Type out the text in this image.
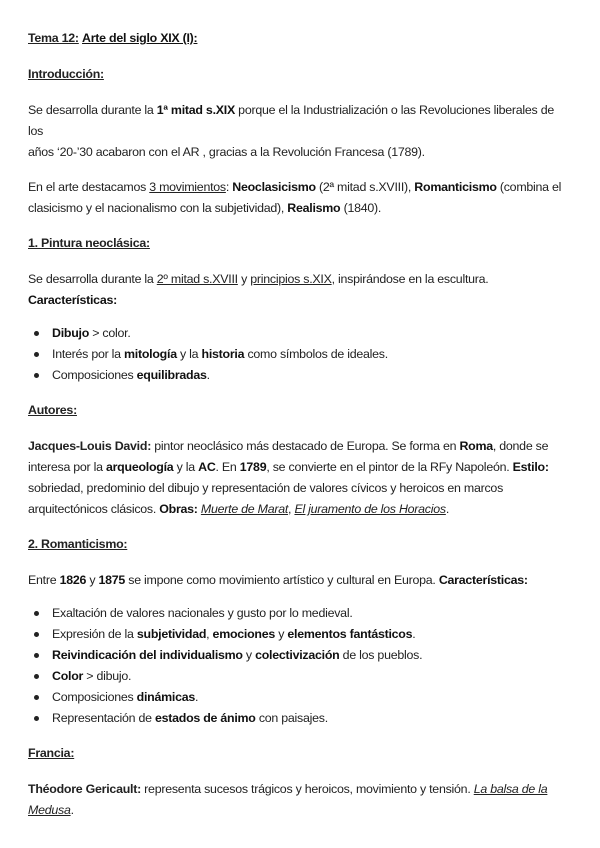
Tema 12: Arte del siglo XIX (I):

Introducción:

Se desarrolla durante la 1ª mitad s.XIX porque el la Industrialización o las Revoluciones liberales de los

años ‘20-’30 acabaron con el AR , gracias a la Revolución Francesa (1789).

En el arte destacamos 3 movimientos: Neoclasicismo (2ª mitad s.XVIII), Romanticismo (combina el

clasicismo y el nacionalismo con la subjetividad), Realismo (1840).

1. Pintura neoclásica:

Se desarrolla durante la 2º mitad s.XVIII y principios s.XIX, inspirándose en la escultura. Características:

Dibujo > color.
Interés por la mitología y la historia como símbolos de ideales.
Composiciones equilibradas.

Autores:

Jacques-Louis David: pintor neoclásico más destacado de Europa. Se forma en Roma, donde se

interesa por la arqueología y la AC. En 1789, se convierte en el pintor de la RFy Napoleón. Estilo:

sobriedad, predominio del dibujo y representación de valores cívicos y heroicos en marcos

arquitectónicos clásicos. Obras: Muerte de Marat, El juramento de los Horacios.

2. Romanticismo:

Entre 1826 y 1875 se impone como movimiento artístico y cultural en Europa. Características:

Exaltación de valores nacionales y gusto por lo medieval.
Expresión de la subjetividad, emociones y elementos fantásticos.
Reivindicación del individualismo y colectivización de los pueblos.
Color > dibujo.
Composiciones dinámicas.
Representación de estados de ánimo con paisajes.

Francia:

Théodore Gericault: representa sucesos trágicos y heroicos, movimiento y tensión. La balsa de la

Medusa.
